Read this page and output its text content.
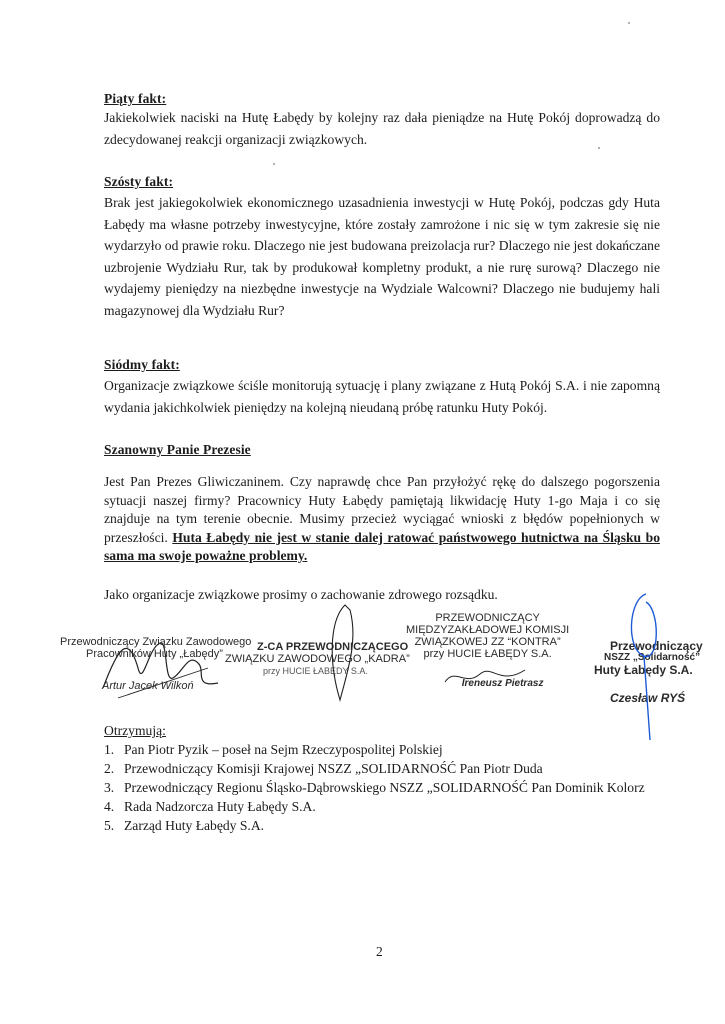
Piąty fakt:
Jakiekolwiek naciski na Hutę Łabędy by kolejny raz dała pieniądze na Hutę Pokój doprowadzą do zdecydowanej reakcji organizacji związkowych.
Szósty fakt:
Brak jest jakiegokolwiek ekonomicznego uzasadnienia inwestycji w Hutę Pokój, podczas gdy Huta Łabędy ma własne potrzeby inwestycyjne, które zostały zamrożone i nic się w tym zakresie się nie wydarzyło od prawie roku. Dlaczego nie jest budowana preizolacja rur? Dlaczego nie jest dokańczane uzbrojenie Wydziału Rur, tak by produkował kompletny produkt, a nie rurę surową? Dlaczego nie wydajemy pieniędzy na niezbędne inwestycje na Wydziale Walcowni? Dlaczego nie budujemy hali magazynowej dla Wydziału Rur?
Siódmy fakt:
Organizacje związkowe ściśle monitorują sytuację i plany związane z Hutą Pokój S.A. i nie zapomną wydania jakichkolwiek pieniędzy na kolejną nieudaną próbę ratunku Huty Pokój.
Szanowny Panie Prezesie
Jest Pan Prezes Gliwiczaninem. Czy naprawdę chce Pan przyłożyć rękę do dalszego pogorszenia sytuacji naszej firmy? Pracownicy Huty Łabędy pamiętają likwidację Huty 1-go Maja i co się znajduje na tym terenie obecnie. Musimy przecież wyciągać wnioski z błędów popełnionych w przeszłości. Huta Łabędy nie jest w stanie dalej ratować państwowego hutnictwa na Śląsku bo sama ma swoje poważne problemy.
Jako organizacje związkowe prosimy o zachowanie zdrowego rozsądku.
Przewodniczący Związku Zawodowego
Pracowników Huty „Łabędy”
Artur Jacek Wilkoń
Z-CA PRZEWODNICZĄCEGO
ZWIĄZKU ZAWODOWEGO „KADRA”
przy HUCIE ŁABĘDY S.A.
PRZEWODNICZĄCY
MIĘDZYZAKŁADOWEJ KOMISJI
ZWIĄZKOWEJ ZZ “KONTRA”
przy HUCIE ŁABĘDY S.A.
Ireneusz Pietrasz
Przewodniczący
NSZZ „Solidarność”
Huty Łabędy S.A.
Czesław RYŚ
Otrzymują:
1. Pan Piotr Pyzik – poseł na Sejm Rzeczypospolitej Polskiej
2. Przewodniczący Komisji Krajowej NSZZ „SOLIDARNOŚĆ Pan Piotr Duda
3. Przewodniczący Regionu Śląsko-Dąbrowskiego NSZZ „SOLIDARNOŚĆ Pan Dominik Kolorz
4. Rada Nadzorcza Huty Łabędy S.A.
5. Zarząd Huty Łabędy S.A.
2
